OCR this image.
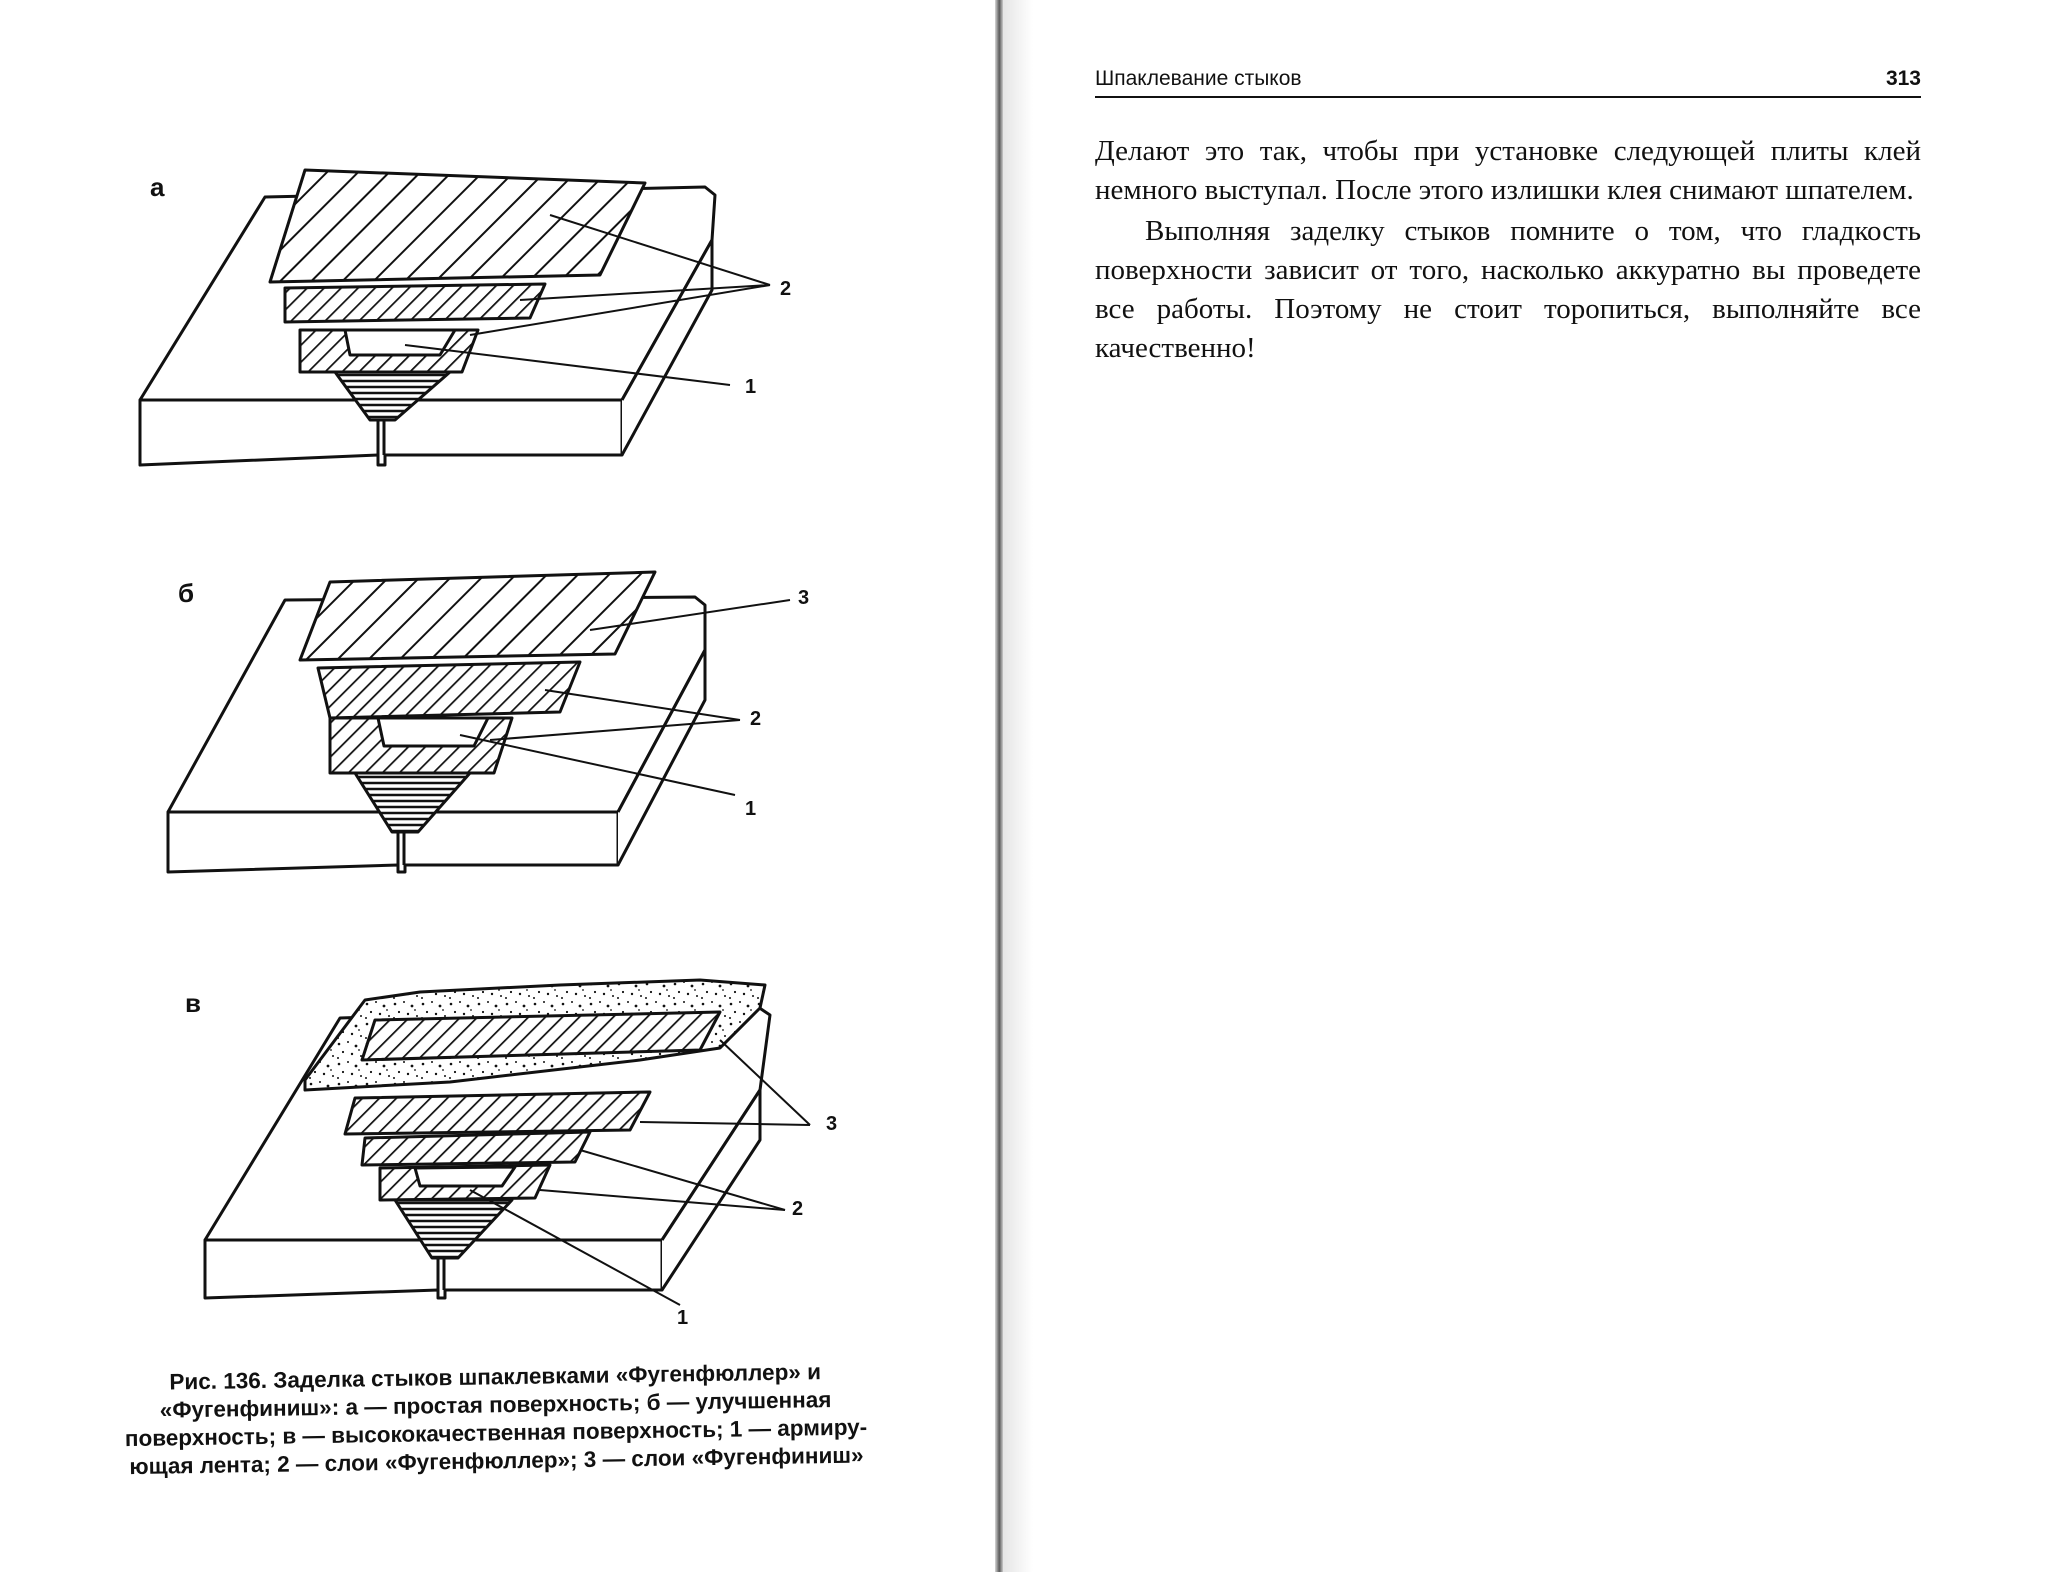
а
2
1
б	3
2
1
в
3
2
1
Рис. 136. Заделка стыков шпаклевками «Фугенфюллер» и
«Фугенфиниш»: а — простая поверхность; б — улучшенная
поверхность; в — высококачественная поверхность; 1 — армиру-
ющая лента; 2 — слои «Фугенфюллер»; 3 — слои «Фугенфиниш»
Шпаклевание стыков	313

Делают это так, чтобы при установке следующей плиты клей немного выступал. После этого излишки клея снимают шпателем.

Выполняя заделку стыков помните о том, что гладкость поверхности зависит от того, насколько аккуратно вы проведете все работы. Поэтому не стоит торопиться, выполняйте все качественно!
